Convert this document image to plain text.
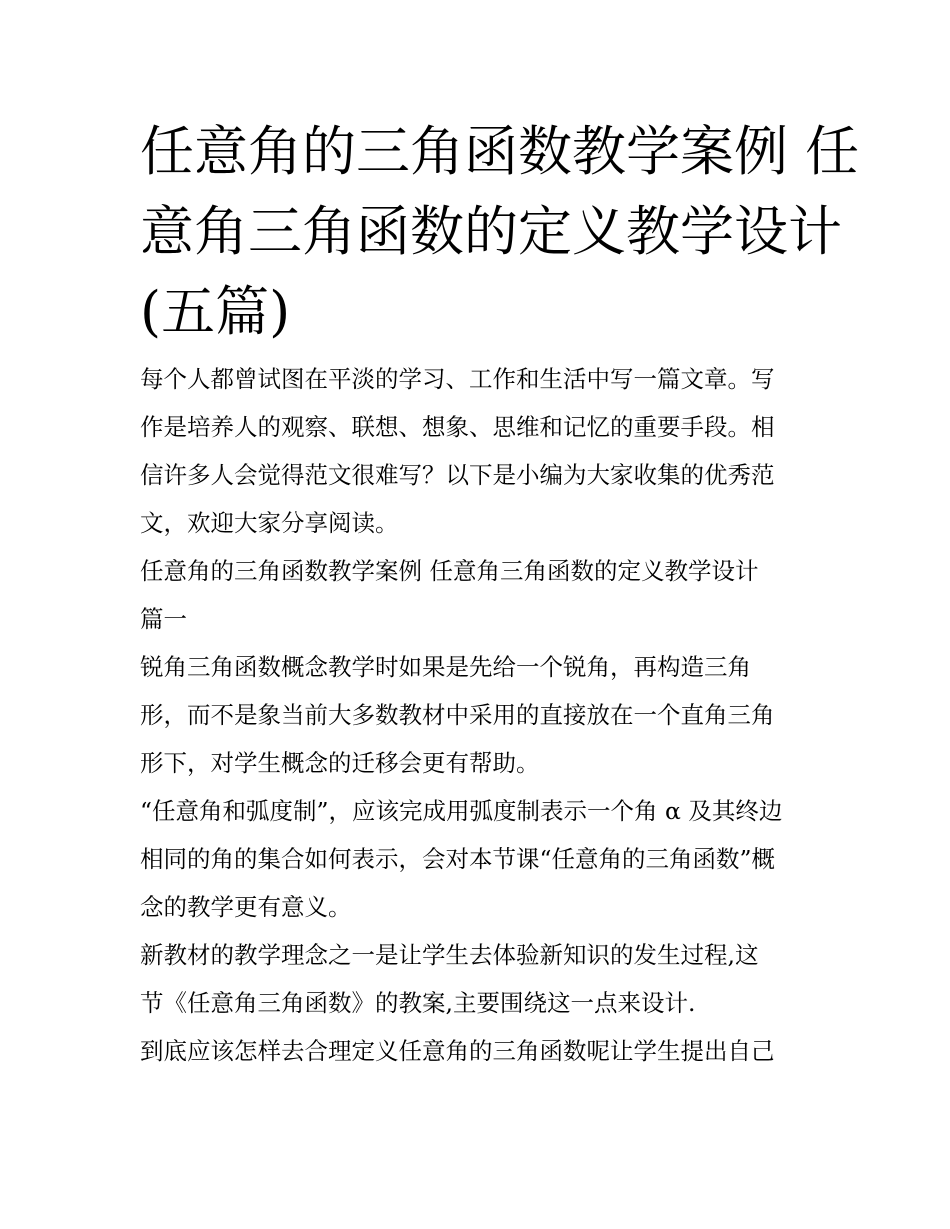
任意角的三角函数教学案例 任
意角三角函数的定义教学设计
(五篇)
每个人都曾试图在平淡的学习、工作和生活中写一篇文章。写
作是培养人的观察、联想、想象、思维和记忆的重要手段。相
信许多人会觉得范文很难写？以下是小编为大家收集的优秀范
文，欢迎大家分享阅读。
任意角的三角函数教学案例 任意角三角函数的定义教学设计
篇一
锐角三角函数概念教学时如果是先给一个锐角，再构造三角
形，而不是象当前大多数教材中采用的直接放在一个直角三角
形下，对学生概念的迁移会更有帮助。
“任意角和弧度制”，应该完成用弧度制表示一个角 α 及其终边
相同的角的集合如何表示，会对本节课“任意角的三角函数”概
念的教学更有意义。
新教材的教学理念之一是让学生去体验新知识的发生过程,这
节《任意角三角函数》的教案,主要围绕这一点来设计.
到底应该怎样去合理定义任意角的三角函数呢让学生提出自己
